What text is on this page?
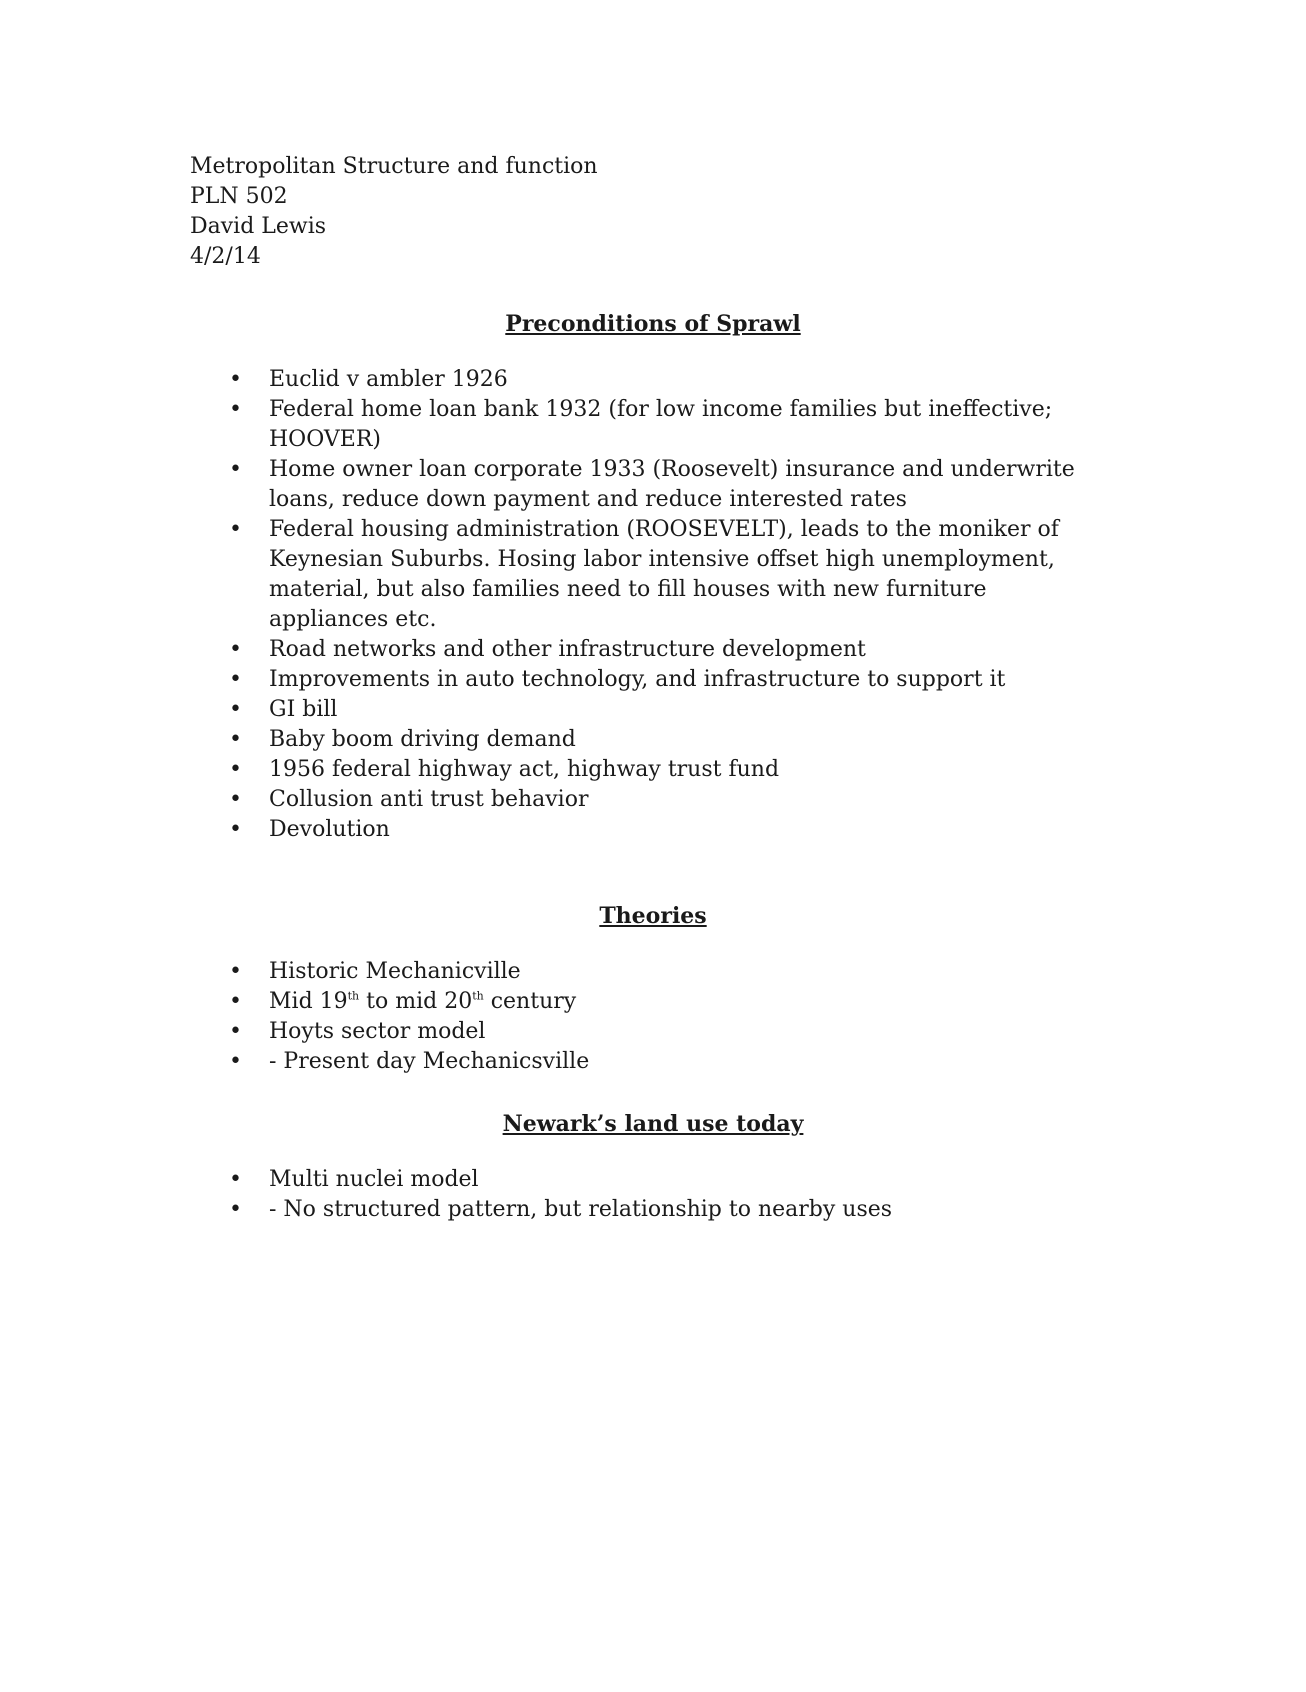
Metropolitan Structure and function
PLN 502
David Lewis
4/2/14
Preconditions of Sprawl
• Euclid v ambler 1926
• Federal home loan bank 1932 (for low income families but ineffective; HOOVER)
• Home owner loan corporate 1933 (Roosevelt) insurance and underwrite loans, reduce down payment and reduce interested rates
• Federal housing administration (ROOSEVELT), leads to the moniker of Keynesian Suburbs. Hosing labor intensive offset high unemployment, material, but also families need to fill houses with new furniture appliances etc.
• Road networks and other infrastructure development
• Improvements in auto technology, and infrastructure to support it
• GI bill
• Baby boom driving demand
• 1956 federal highway act, highway trust fund
• Collusion anti trust behavior
• Devolution
Theories
• Historic Mechanicville
• Mid 19th to mid 20th century
• Hoyts sector model
• - Present day Mechanicsville
Newark’s land use today
• Multi nuclei model
• - No structured pattern, but relationship to nearby uses
